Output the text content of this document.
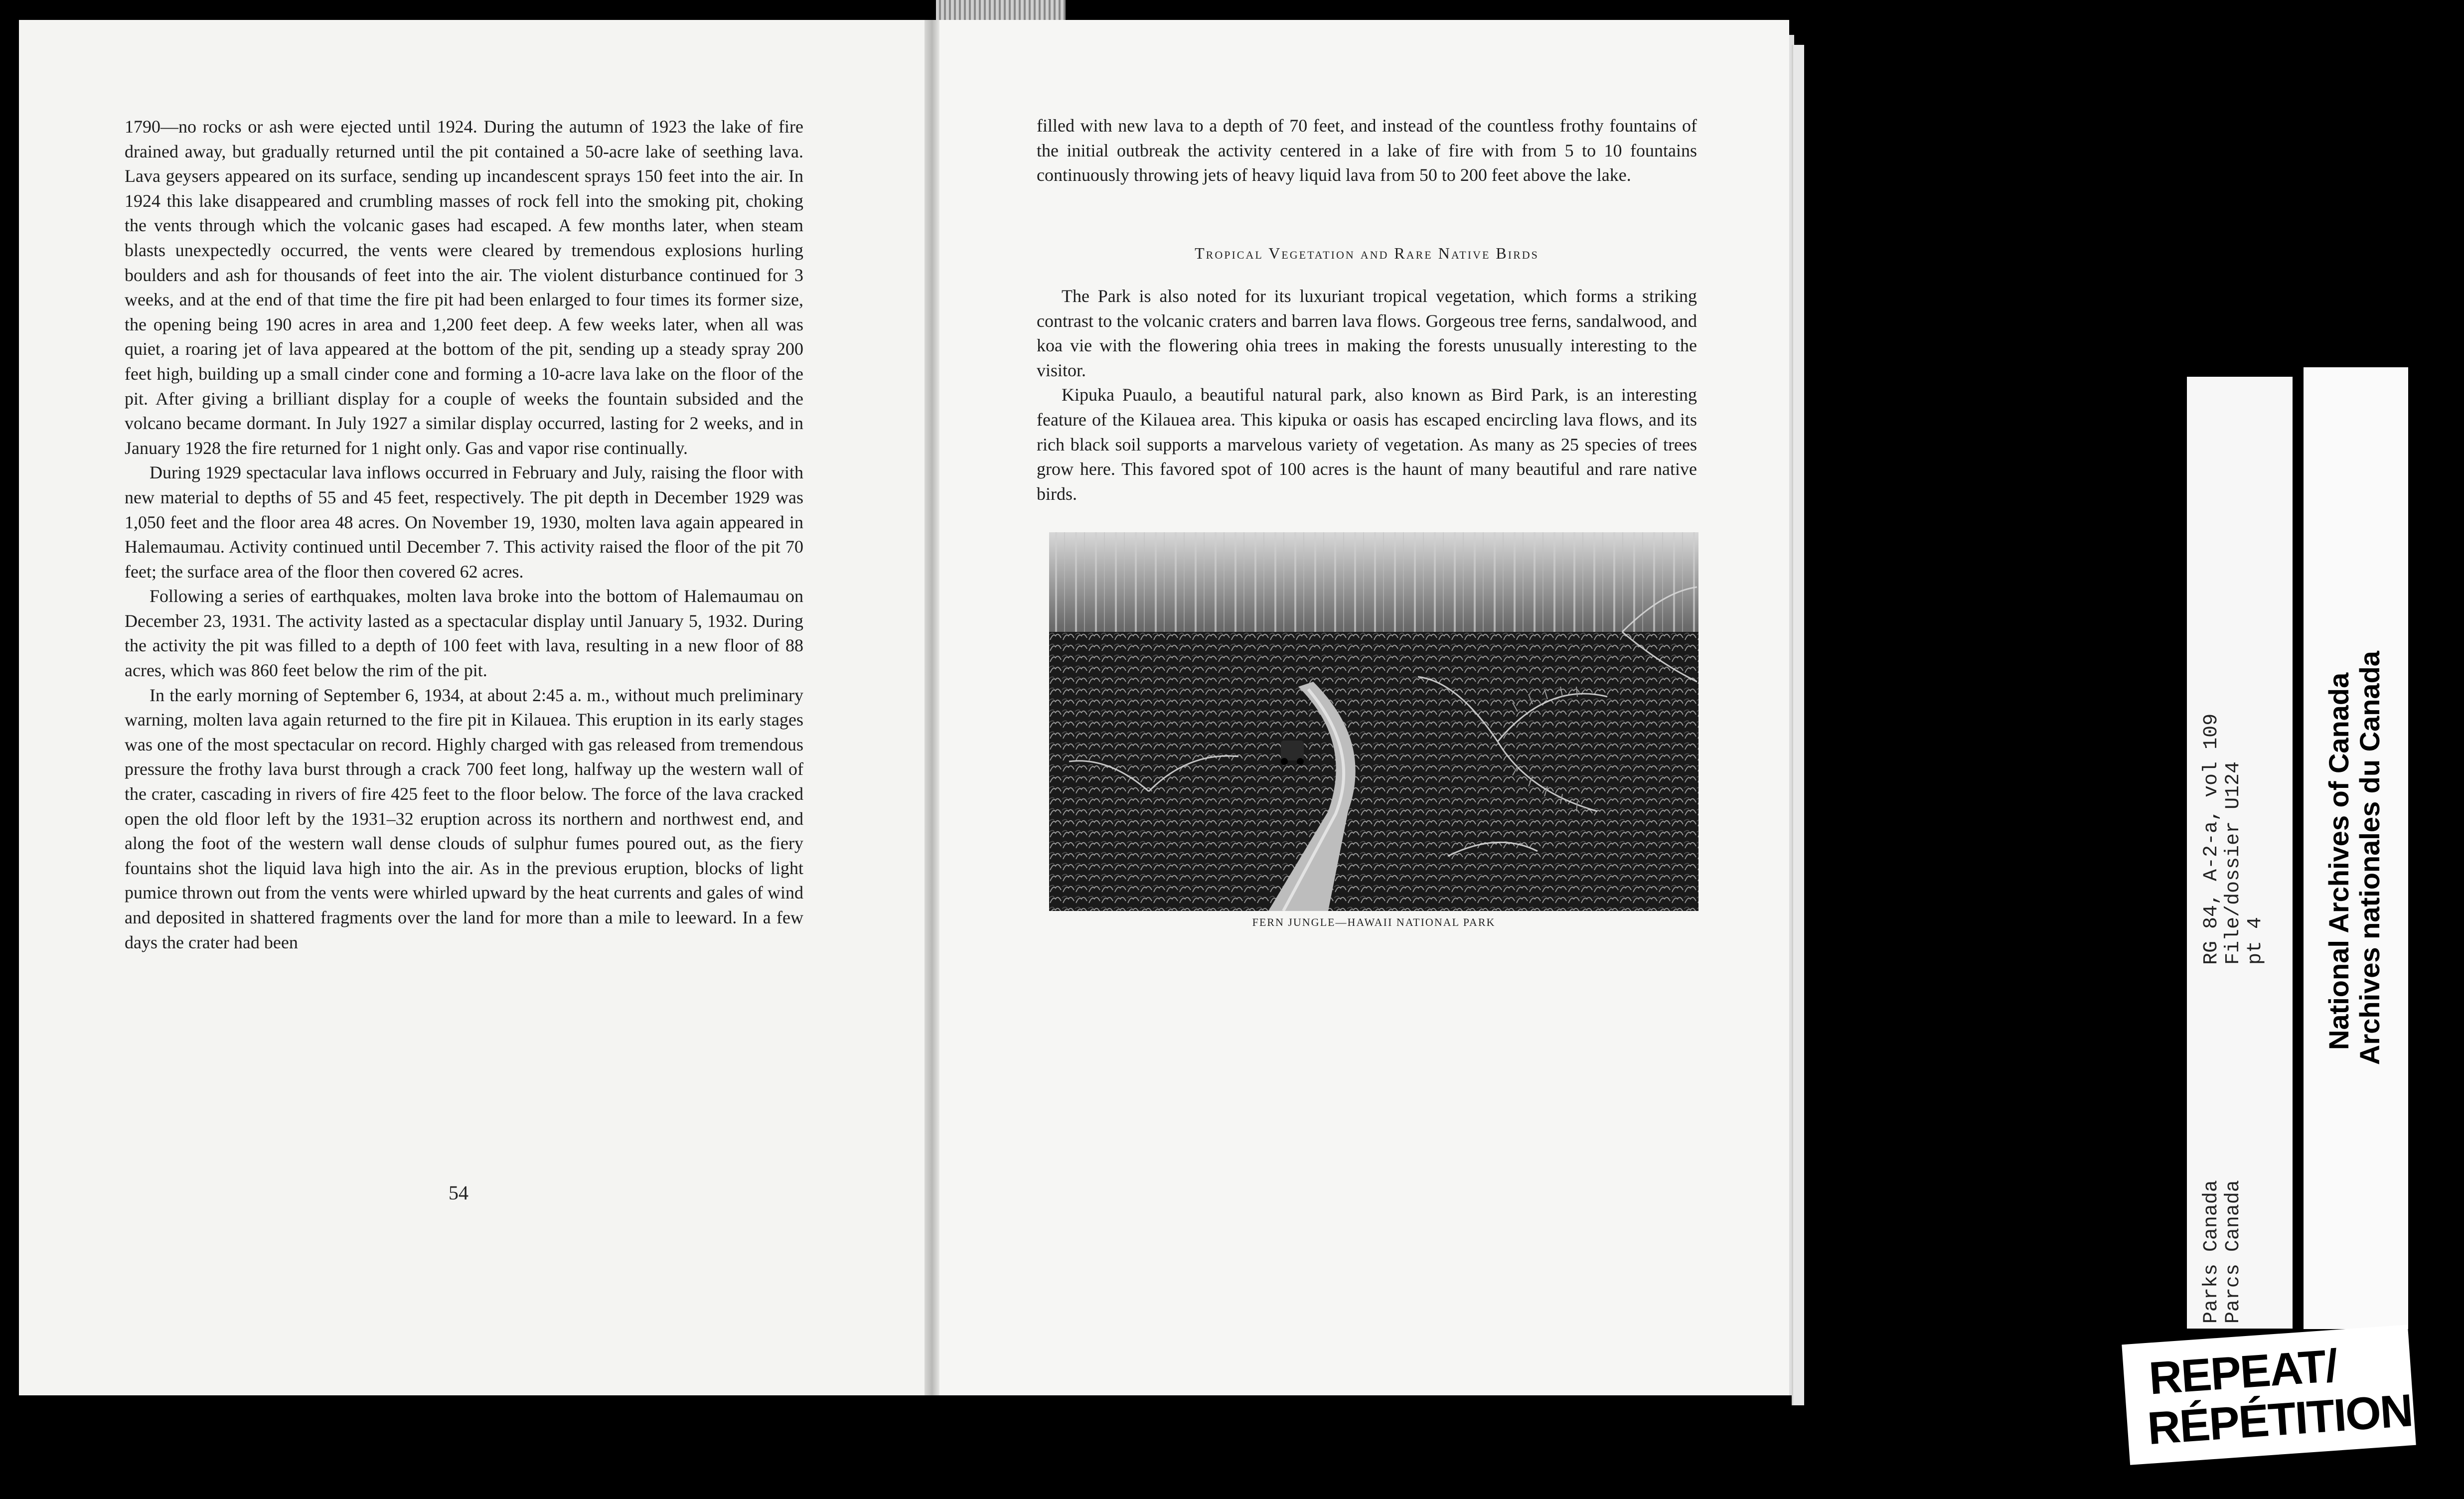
1790—no rocks or ash were ejected until 1924. During the autumn of 1923 the lake of fire drained away, but gradually returned until the pit contained a 50-acre lake of seething lava. Lava geysers appeared on its surface, sending up incandescent sprays 150 feet into the air. In 1924 this lake disappeared and crumbling masses of rock fell into the smoking pit, choking the vents through which the volcanic gases had escaped. A few months later, when steam blasts unexpectedly occurred, the vents were cleared by tremendous explosions hurling boulders and ash for thousands of feet into the air. The violent disturbance continued for 3 weeks, and at the end of that time the fire pit had been enlarged to four times its former size, the opening being 190 acres in area and 1,200 feet deep. A few weeks later, when all was quiet, a roaring jet of lava appeared at the bottom of the pit, sending up a steady spray 200 feet high, building up a small cinder cone and forming a 10-acre lava lake on the floor of the pit. After giving a brilliant display for a couple of weeks the fountain subsided and the volcano became dormant. In July 1927 a similar display occurred, lasting for 2 weeks, and in January 1928 the fire returned for 1 night only. Gas and vapor rise continually.

During 1929 spectacular lava inflows occurred in February and July, raising the floor with new material to depths of 55 and 45 feet, respectively. The pit depth in December 1929 was 1,050 feet and the floor area 48 acres. On November 19, 1930, molten lava again appeared in Halemaumau. Activity continued until December 7. This activity raised the floor of the pit 70 feet; the surface area of the floor then covered 62 acres.

Following a series of earthquakes, molten lava broke into the bottom of Halemaumau on December 23, 1931. The activity lasted as a spectacular display until January 5, 1932. During the activity the pit was filled to a depth of 100 feet with lava, resulting in a new floor of 88 acres, which was 860 feet below the rim of the pit.

In the early morning of September 6, 1934, at about 2:45 a. m., without much preliminary warning, molten lava again returned to the fire pit in Kilauea. This eruption in its early stages was one of the most spectacular on record. Highly charged with gas released from tremendous pressure the frothy lava burst through a crack 700 feet long, halfway up the western wall of the crater, cascading in rivers of fire 425 feet to the floor below. The force of the lava cracked open the old floor left by the 1931–32 eruption across its northern and northwest end, and along the foot of the western wall dense clouds of sulphur fumes poured out, as the fiery fountains shot the liquid lava high into the air. As in the previous eruption, blocks of light pumice thrown out from the vents were whirled upward by the heat currents and gales of wind and deposited in shattered fragments over the land for more than a mile to leeward. In a few days the crater had been

54

filled with new lava to a depth of 70 feet, and instead of the countless frothy fountains of the initial outbreak the activity centered in a lake of fire with from 5 to 10 fountains continuously throwing jets of heavy liquid lava from 50 to 200 feet above the lake.

Tropical Vegetation and Rare Native Birds

The Park is also noted for its luxuriant tropical vegetation, which forms a striking contrast to the volcanic craters and barren lava flows. Gorgeous tree ferns, sandalwood, and koa vie with the flowering ohia trees in making the forests unusually interesting to the visitor.

Kipuka Puaulo, a beautiful natural park, also known as Bird Park, is an interesting feature of the Kilauea area. This kipuka or oasis has escaped encircling lava flows, and its rich black soil supports a marvelous variety of vegetation. As many as 25 species of trees grow here. This favored spot of 100 acres is the haunt of many beautiful and rare native birds.

FERN JUNGLE—HAWAII NATIONAL PARK
Parks Canada Parcs Canada
RG 84, A-2-a, vol 109 File/dossier U124 pt 4 National Archives of Canada Archives nationales du Canada
REPEAT/
RÉPÉTITION
